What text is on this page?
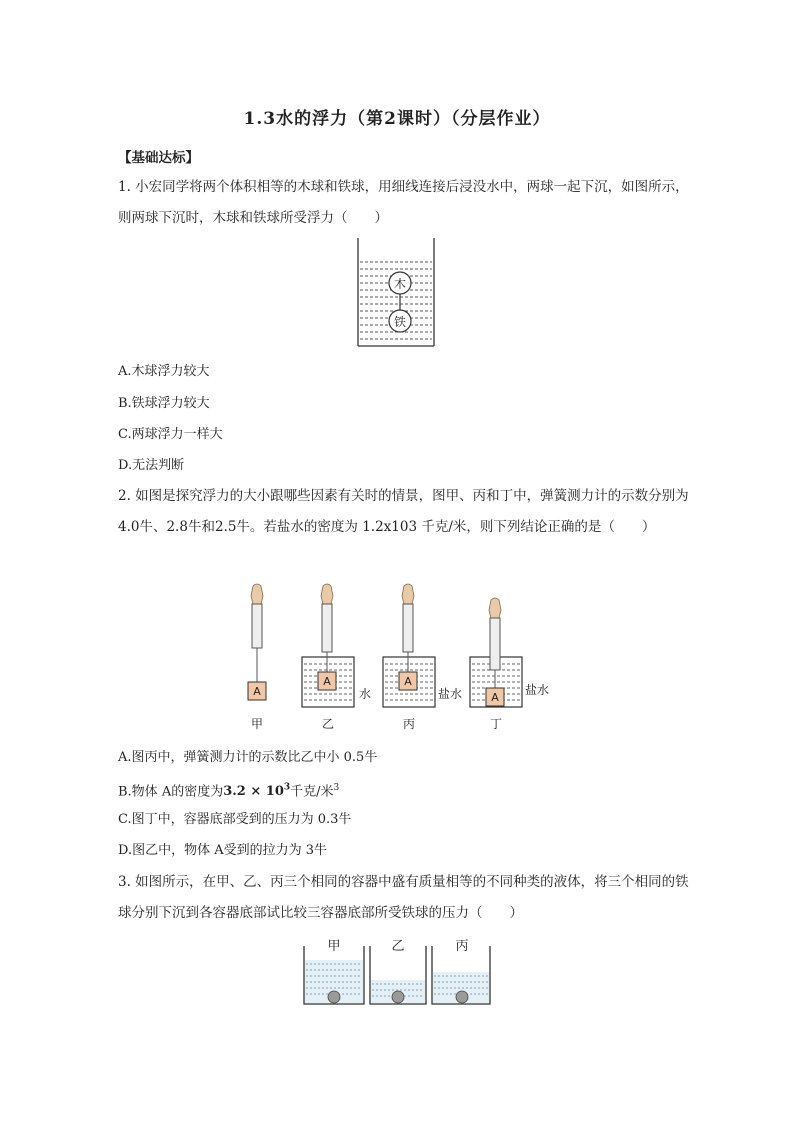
1.3水的浮力（第2课时）（分层作业）
【基础达标】
1. 小宏同学将两个体积相等的木球和铁球，用细线连接后浸没水中，两球一起下沉，如图所示，则两球下沉时，木球和铁球所受浮力（　　）
木
铁
A.木球浮力较大
B.铁球浮力较大
C.两球浮力一样大
D.无法判断
2. 如图是探究浮力的大小跟哪些因素有关时的情景，图甲、丙和丁中，弹簧测力计的示数分别为 4.0牛、2.8牛和2.5牛。若盐水的密度为 1.2x103 千克/米，则下列结论正确的是（　　）
A
甲
A
水
乙
A
盐水
丙
A
盐水
丁
A.图丙中，弹簧测力计的示数比乙中小 0.5牛
B.物体 A的密度为$3.2 \times 10^3$千克/米$^3$
C.图丁中，容器底部受到的压力为 0.3牛
D.图乙中，物体 A受到的拉力为 3牛
3. 如图所示，在甲、乙、丙三个相同的容器中盛有质量相等的不同种类的液体，将三个相同的铁球分别下沉到各容器底部试比较三容器底部所受铁球的压力（　　）
甲	乙	丙
